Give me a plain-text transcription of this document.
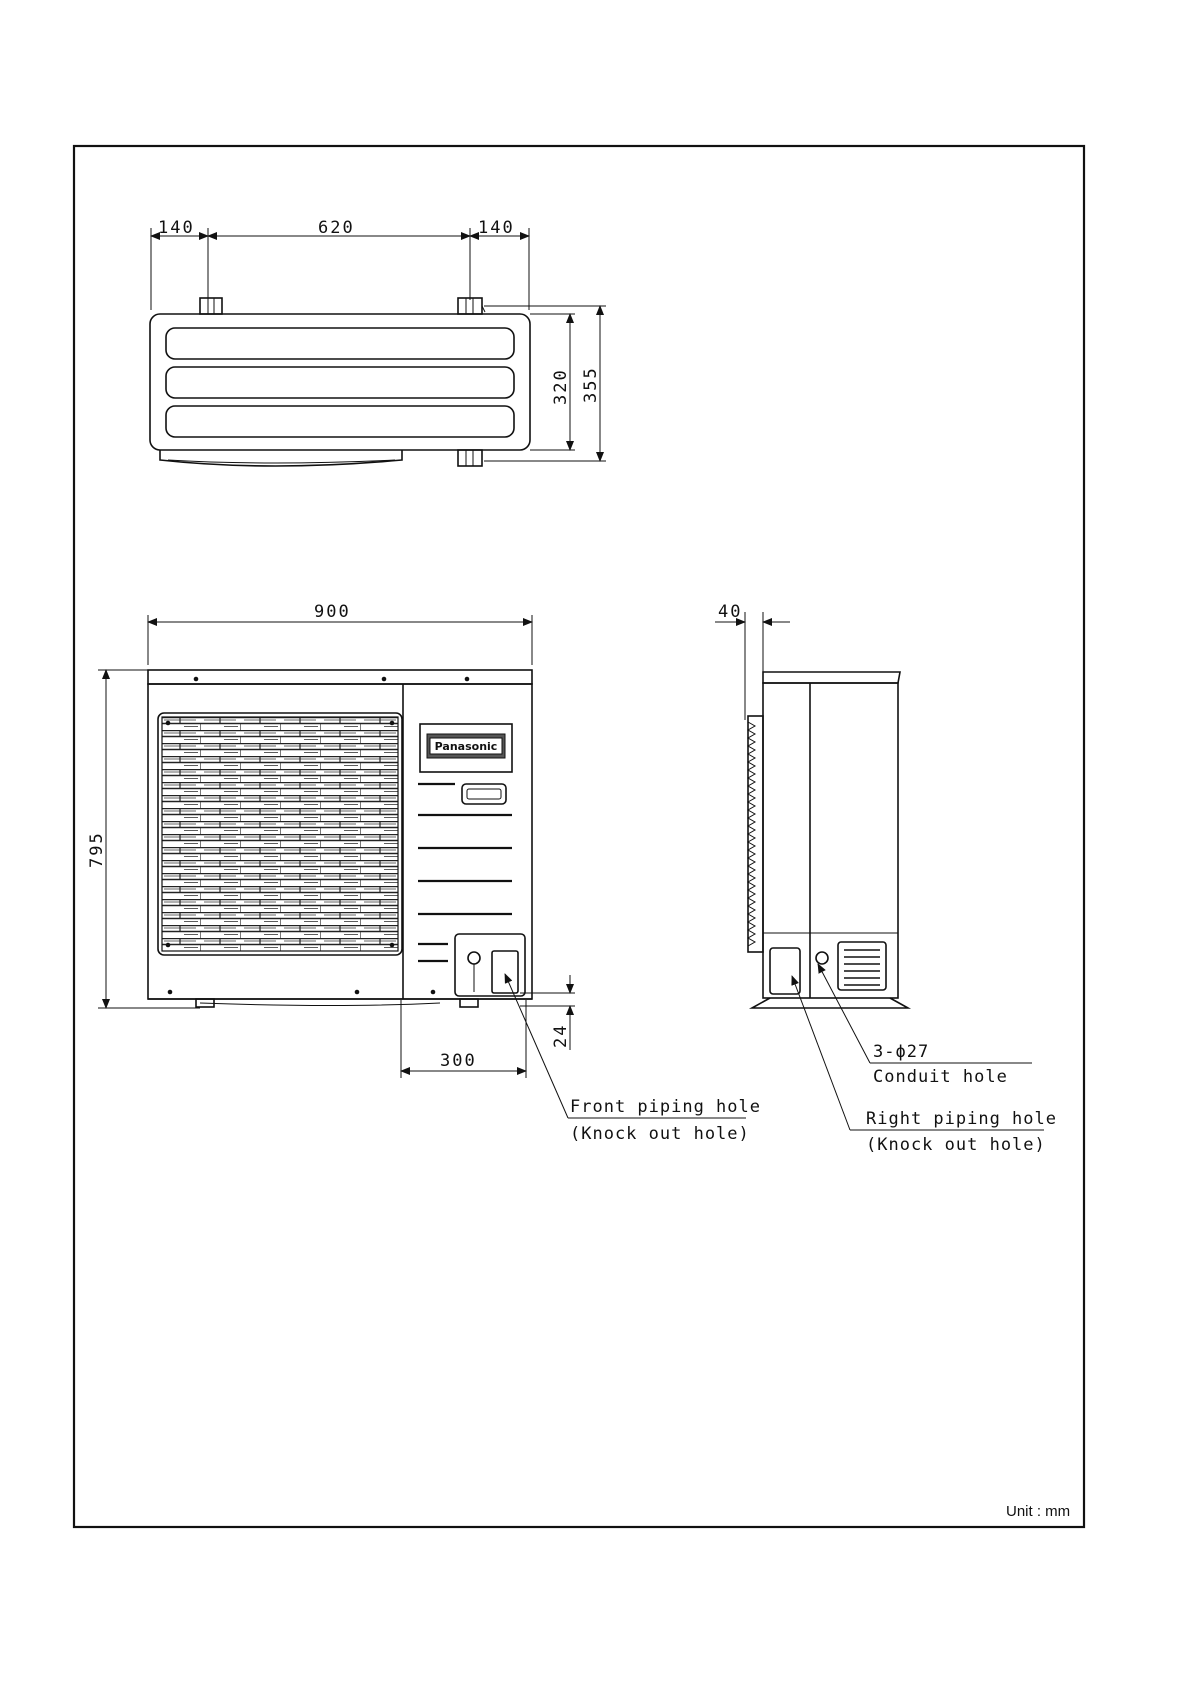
140	620	140
320 355
900
795
Panasonic
24
300
Front piping hole
(Knock out hole)
40
3-ϕ27
Conduit hole
Right piping hole
(Knock out hole)
Unit : mm
